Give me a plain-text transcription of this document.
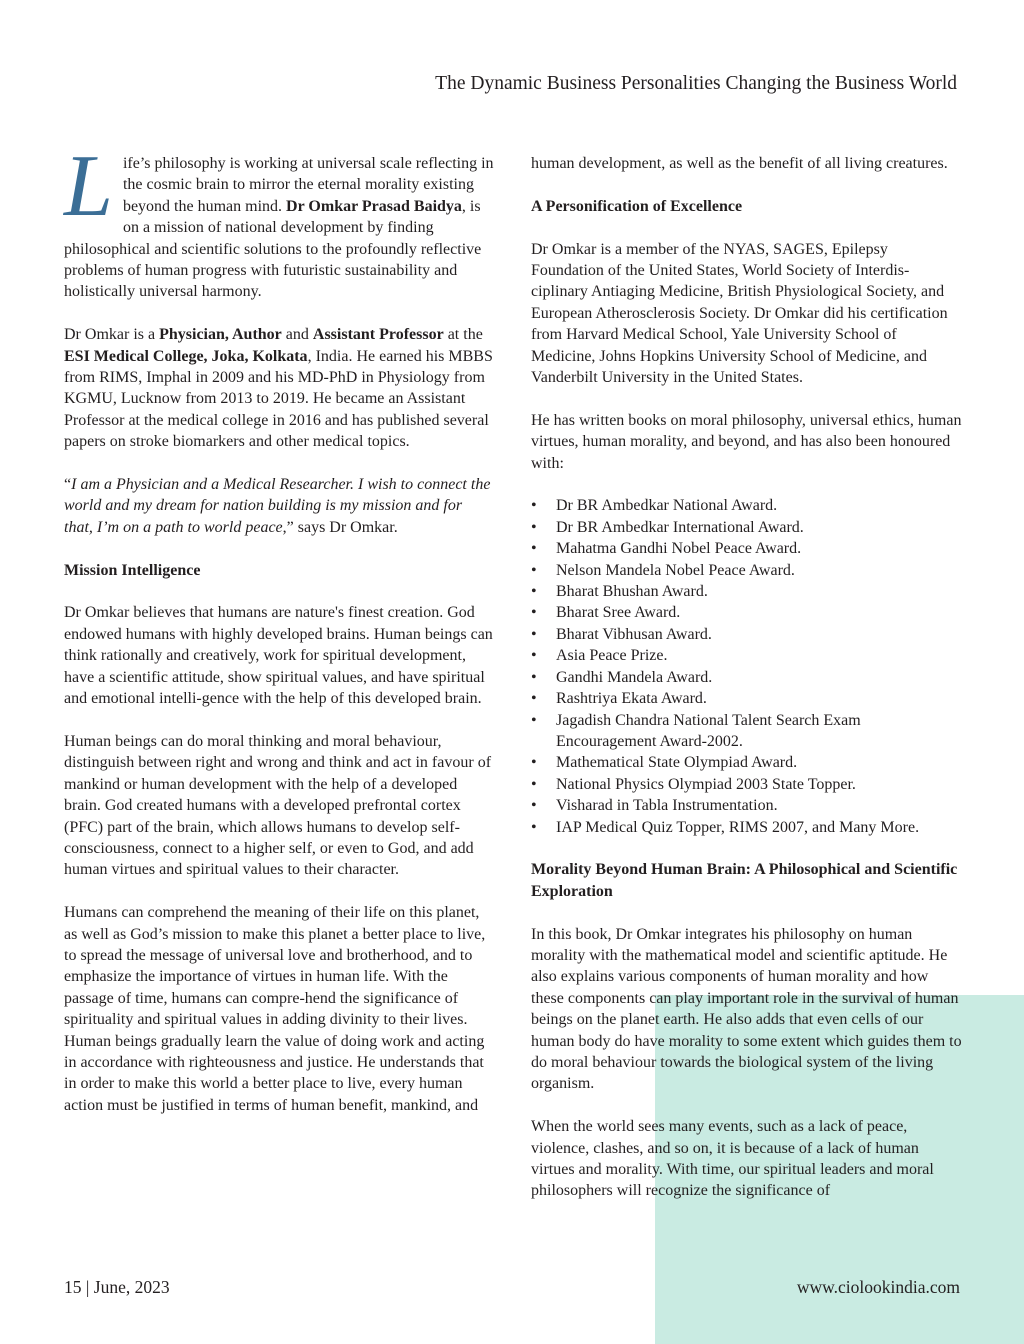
The Dynamic Business Personalities Changing the Business World

Life’s philosophy is working at universal scale reflecting in the cosmic brain to mirror the eternal morality existing beyond the human mind. Dr Omkar Prasad Baidya, is on a mission of national development by finding philosophical and scientific solutions to the profoundly reflective problems of human progress with futuristic sustainability and holistically universal harmony.

Dr Omkar is a Physician, Author and Assistant Professor at the ESI Medical College, Joka, Kolkata, India. He earned his MBBS from RIMS, Imphal in 2009 and his MD-PhD in Physiology from KGMU, Lucknow from 2013 to 2019. He became an Assistant Professor at the medical college in 2016 and has published several papers on stroke biomarkers and other medical topics.

“I am a Physician and a Medical Researcher. I wish to connect the world and my dream for nation building is my mission and for that, I’m on a path to world peace,” says Dr Omkar.

Mission Intelligence

Dr Omkar believes that humans are nature's finest creation. God endowed humans with highly developed brains. Human beings can think rationally and creatively, work for spiritual development, have a scientific attitude, show spiritual values, and have spiritual and emotional intelli-gence with the help of this developed brain.

Human beings can do moral thinking and moral behaviour, distinguish between right and wrong and think and act in favour of mankind or human development with the help of a developed brain. God created humans with a developed prefrontal cortex (PFC) part of the brain, which allows humans to develop self-consciousness, connect to a higher self, or even to God, and add human virtues and spiritual values to their character.

Humans can comprehend the meaning of their life on this planet, as well as God’s mission to make this planet a better place to live, to spread the message of universal love and brotherhood, and to emphasize the importance of virtues in human life. With the passage of time, humans can compre-hend the significance of spirituality and spiritual values in adding divinity to their lives. Human beings gradually learn the value of doing work and acting in accordance with righteousness and justice. He understands that in order to make this world a better place to live, every human action must be justified in terms of human benefit, mankind, and

human development, as well as the benefit of all living creatures.

A Personification of Excellence

Dr Omkar is a member of the NYAS, SAGES, Epilepsy Foundation of the United States, World Society of Interdis-ciplinary Antiaging Medicine, British Physiological Society, and European Atherosclerosis Society. Dr Omkar did his certification from Harvard Medical School, Yale University School of Medicine, Johns Hopkins University School of Medicine, and Vanderbilt University in the United States.

He has written books on moral philosophy, universal ethics, human virtues, human morality, and beyond, and has also been honoured with:

• Dr BR Ambedkar National Award.
• Dr BR Ambedkar International Award.
• Mahatma Gandhi Nobel Peace Award.
• Nelson Mandela Nobel Peace Award.
• Bharat Bhushan Award.
• Bharat Sree Award.
• Bharat Vibhusan Award.
• Asia Peace Prize.
• Gandhi Mandela Award.
• Rashtriya Ekata Award.
• Jagadish Chandra National Talent Search Exam Encouragement Award-2002.
• Mathematical State Olympiad Award.
• National Physics Olympiad 2003 State Topper.
• Visharad in Tabla Instrumentation.
• IAP Medical Quiz Topper, RIMS 2007, and Many More.

Morality Beyond Human Brain: A Philosophical and Scientific Exploration

In this book, Dr Omkar integrates his philosophy on human morality with the mathematical model and scientific aptitude. He also explains various components of human morality and how these components can play important role in the survival of human beings on the planet earth. He also adds that even cells of our human body do have morality to some extent which guides them to do moral behaviour towards the biological system of the living organism.

When the world sees many events, such as a lack of peace, violence, clashes, and so on, it is because of a lack of human virtues and morality. With time, our spiritual leaders and moral philosophers will recognize the significance of

15 | June, 2023	www.ciolookindia.com
